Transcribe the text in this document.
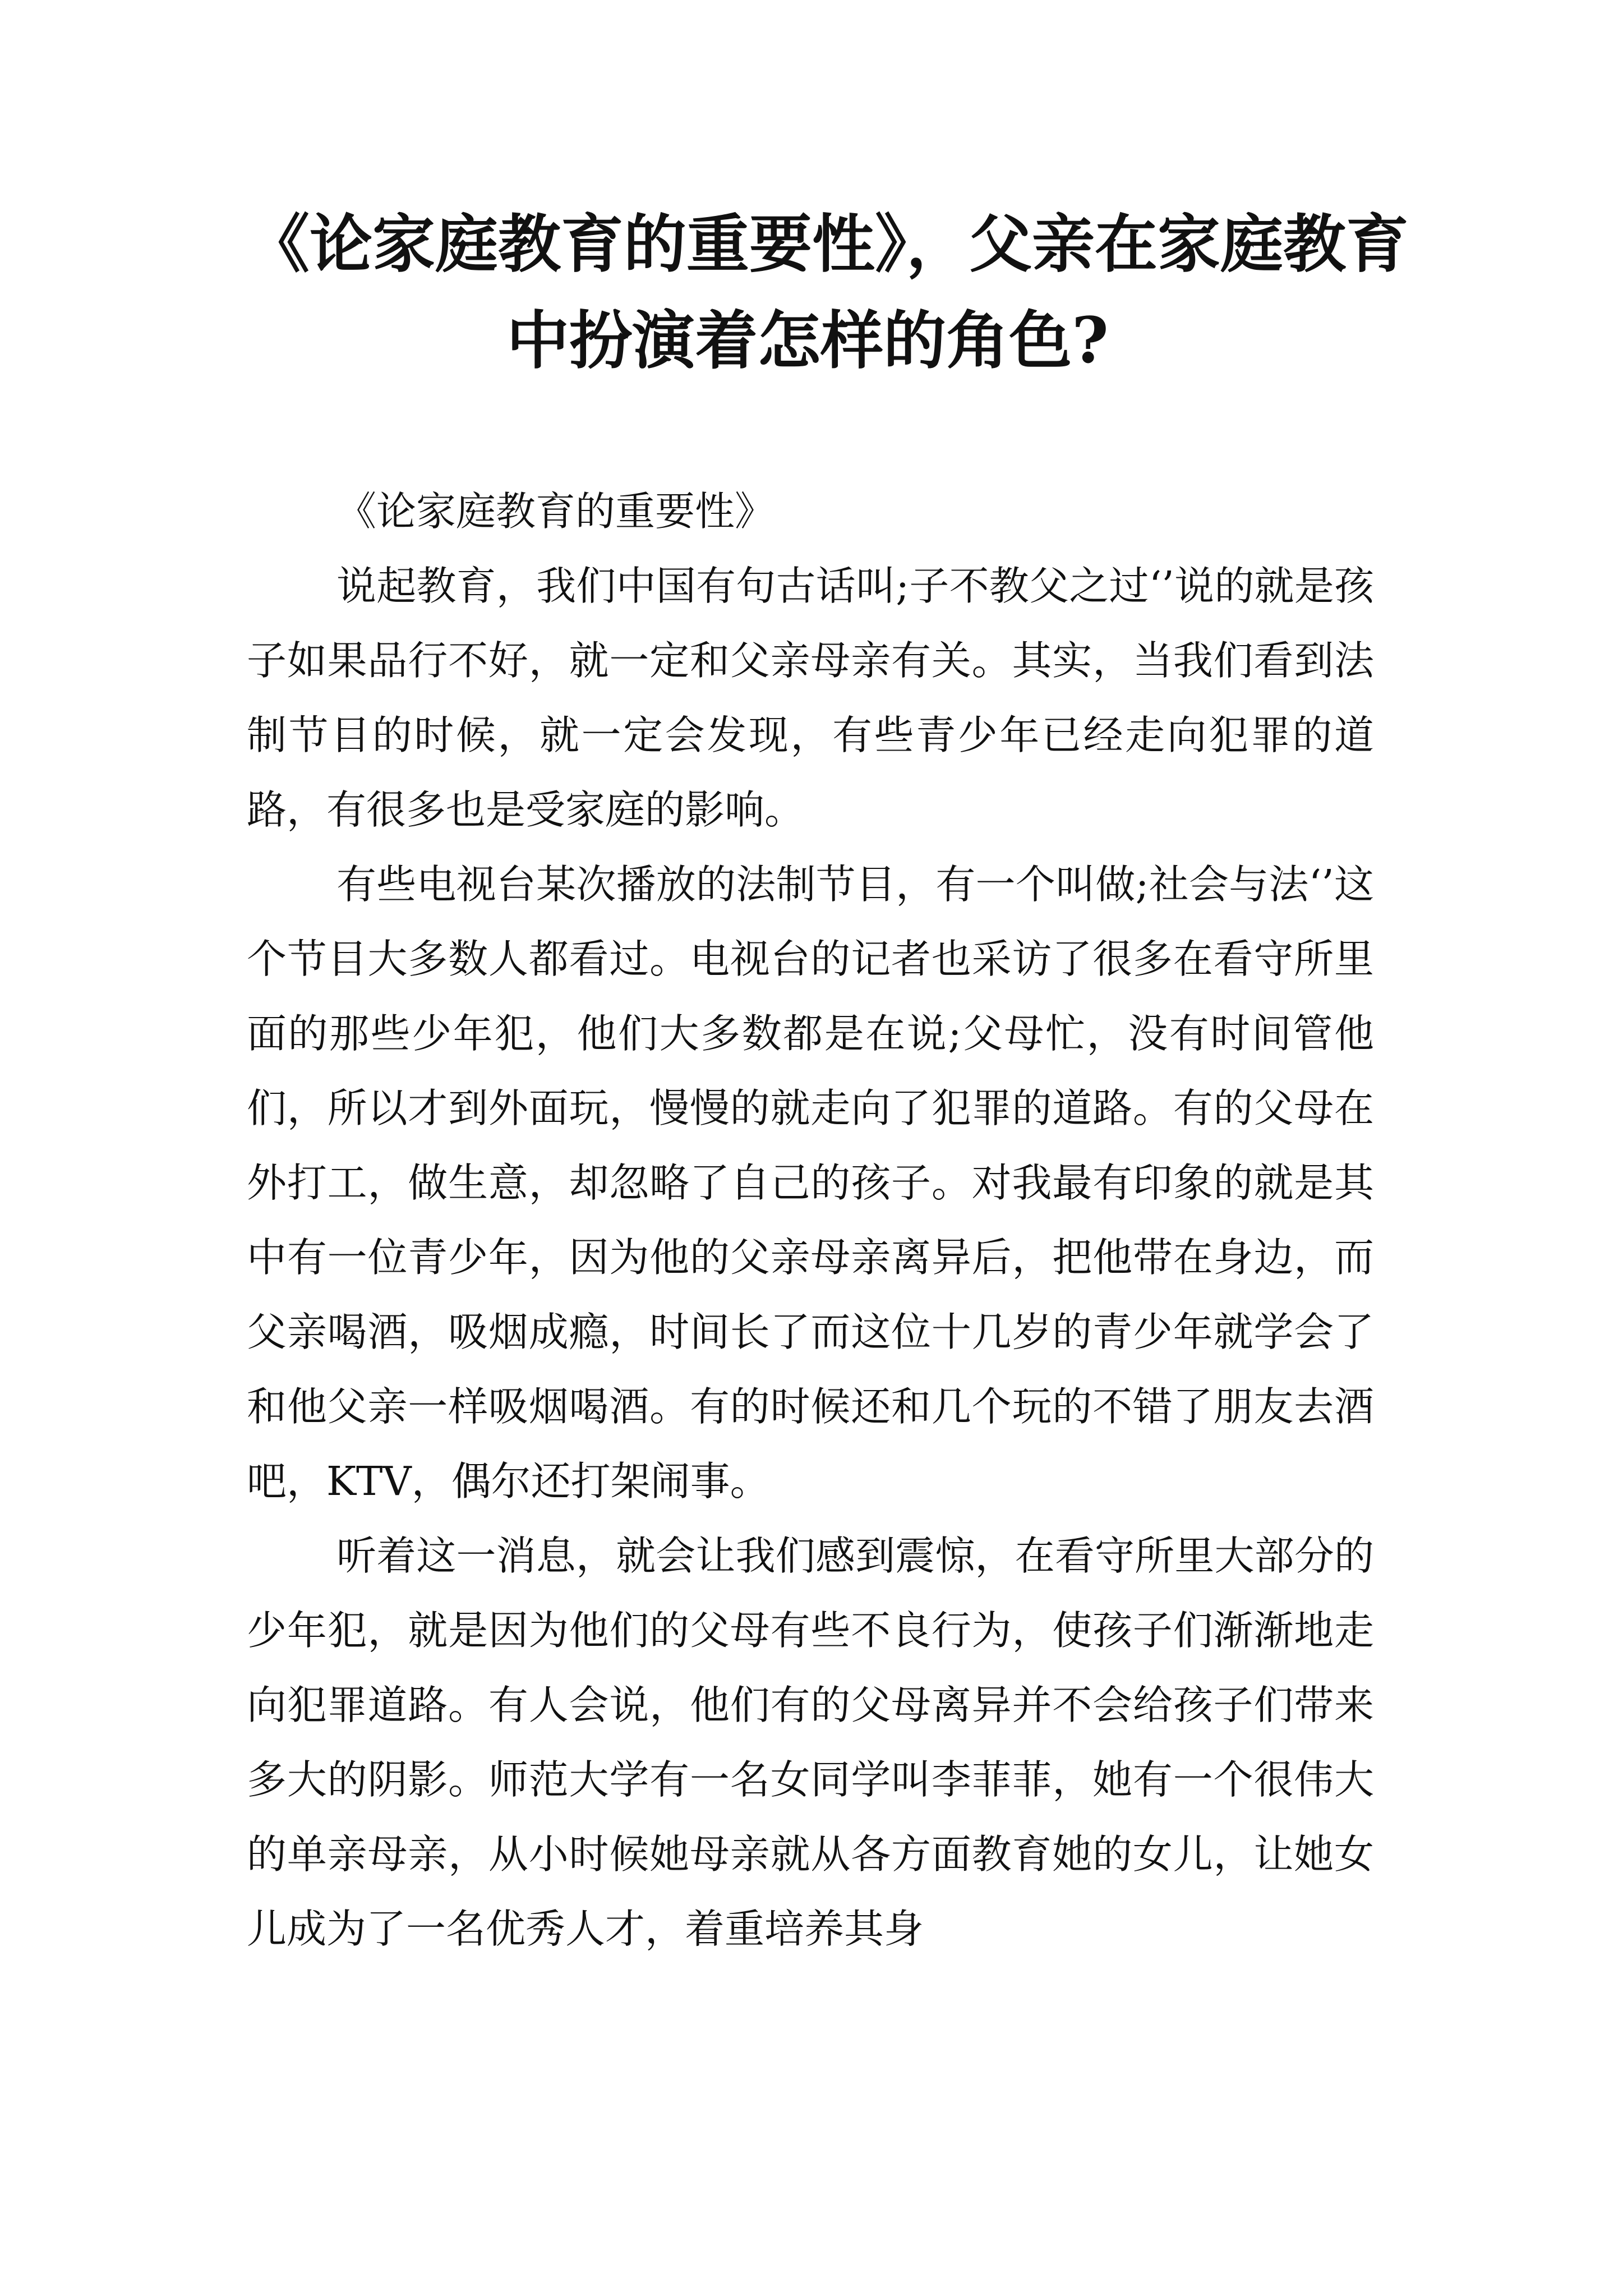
《论家庭教育的重要性》，父亲在家庭教育
中扮演着怎样的角色?

《论家庭教育的重要性》

说起教育，我们中国有句古话叫;子不教父之过‘’说的就是孩子如果品行不好，就一定和父亲母亲有关。其实，当我们看到法制节目的时候，就一定会发现，有些青少年已经走向犯罪的道路，有很多也是受家庭的影响。

有些电视台某次播放的法制节目，有一个叫做;社会与法‘’这个节目大多数人都看过。电视台的记者也采访了很多在看守所里面的那些少年犯，他们大多数都是在说;父母忙，没有时间管他们，所以才到外面玩，慢慢的就走向了犯罪的道路。有的父母在外打工，做生意，却忽略了自己的孩子。对我最有印象的就是其中有一位青少年，因为他的父亲母亲离异后，把他带在身边，而父亲喝酒，吸烟成瘾，时间长了而这位十几岁的青少年就学会了和他父亲一样吸烟喝酒。有的时候还和几个玩的不错了朋友去酒吧，KTV，偶尔还打架闹事。

听着这一消息，就会让我们感到震惊，在看守所里大部分的少年犯，就是因为他们的父母有些不良行为，使孩子们渐渐地走向犯罪道路。有人会说，他们有的父母离异并不会给孩子们带来多大的阴影。师范大学有一名女同学叫李菲菲，她有一个很伟大的单亲母亲，从小时候她母亲就从各方面教育她的女儿，让她女儿成为了一名优秀人才，着重培养其身
